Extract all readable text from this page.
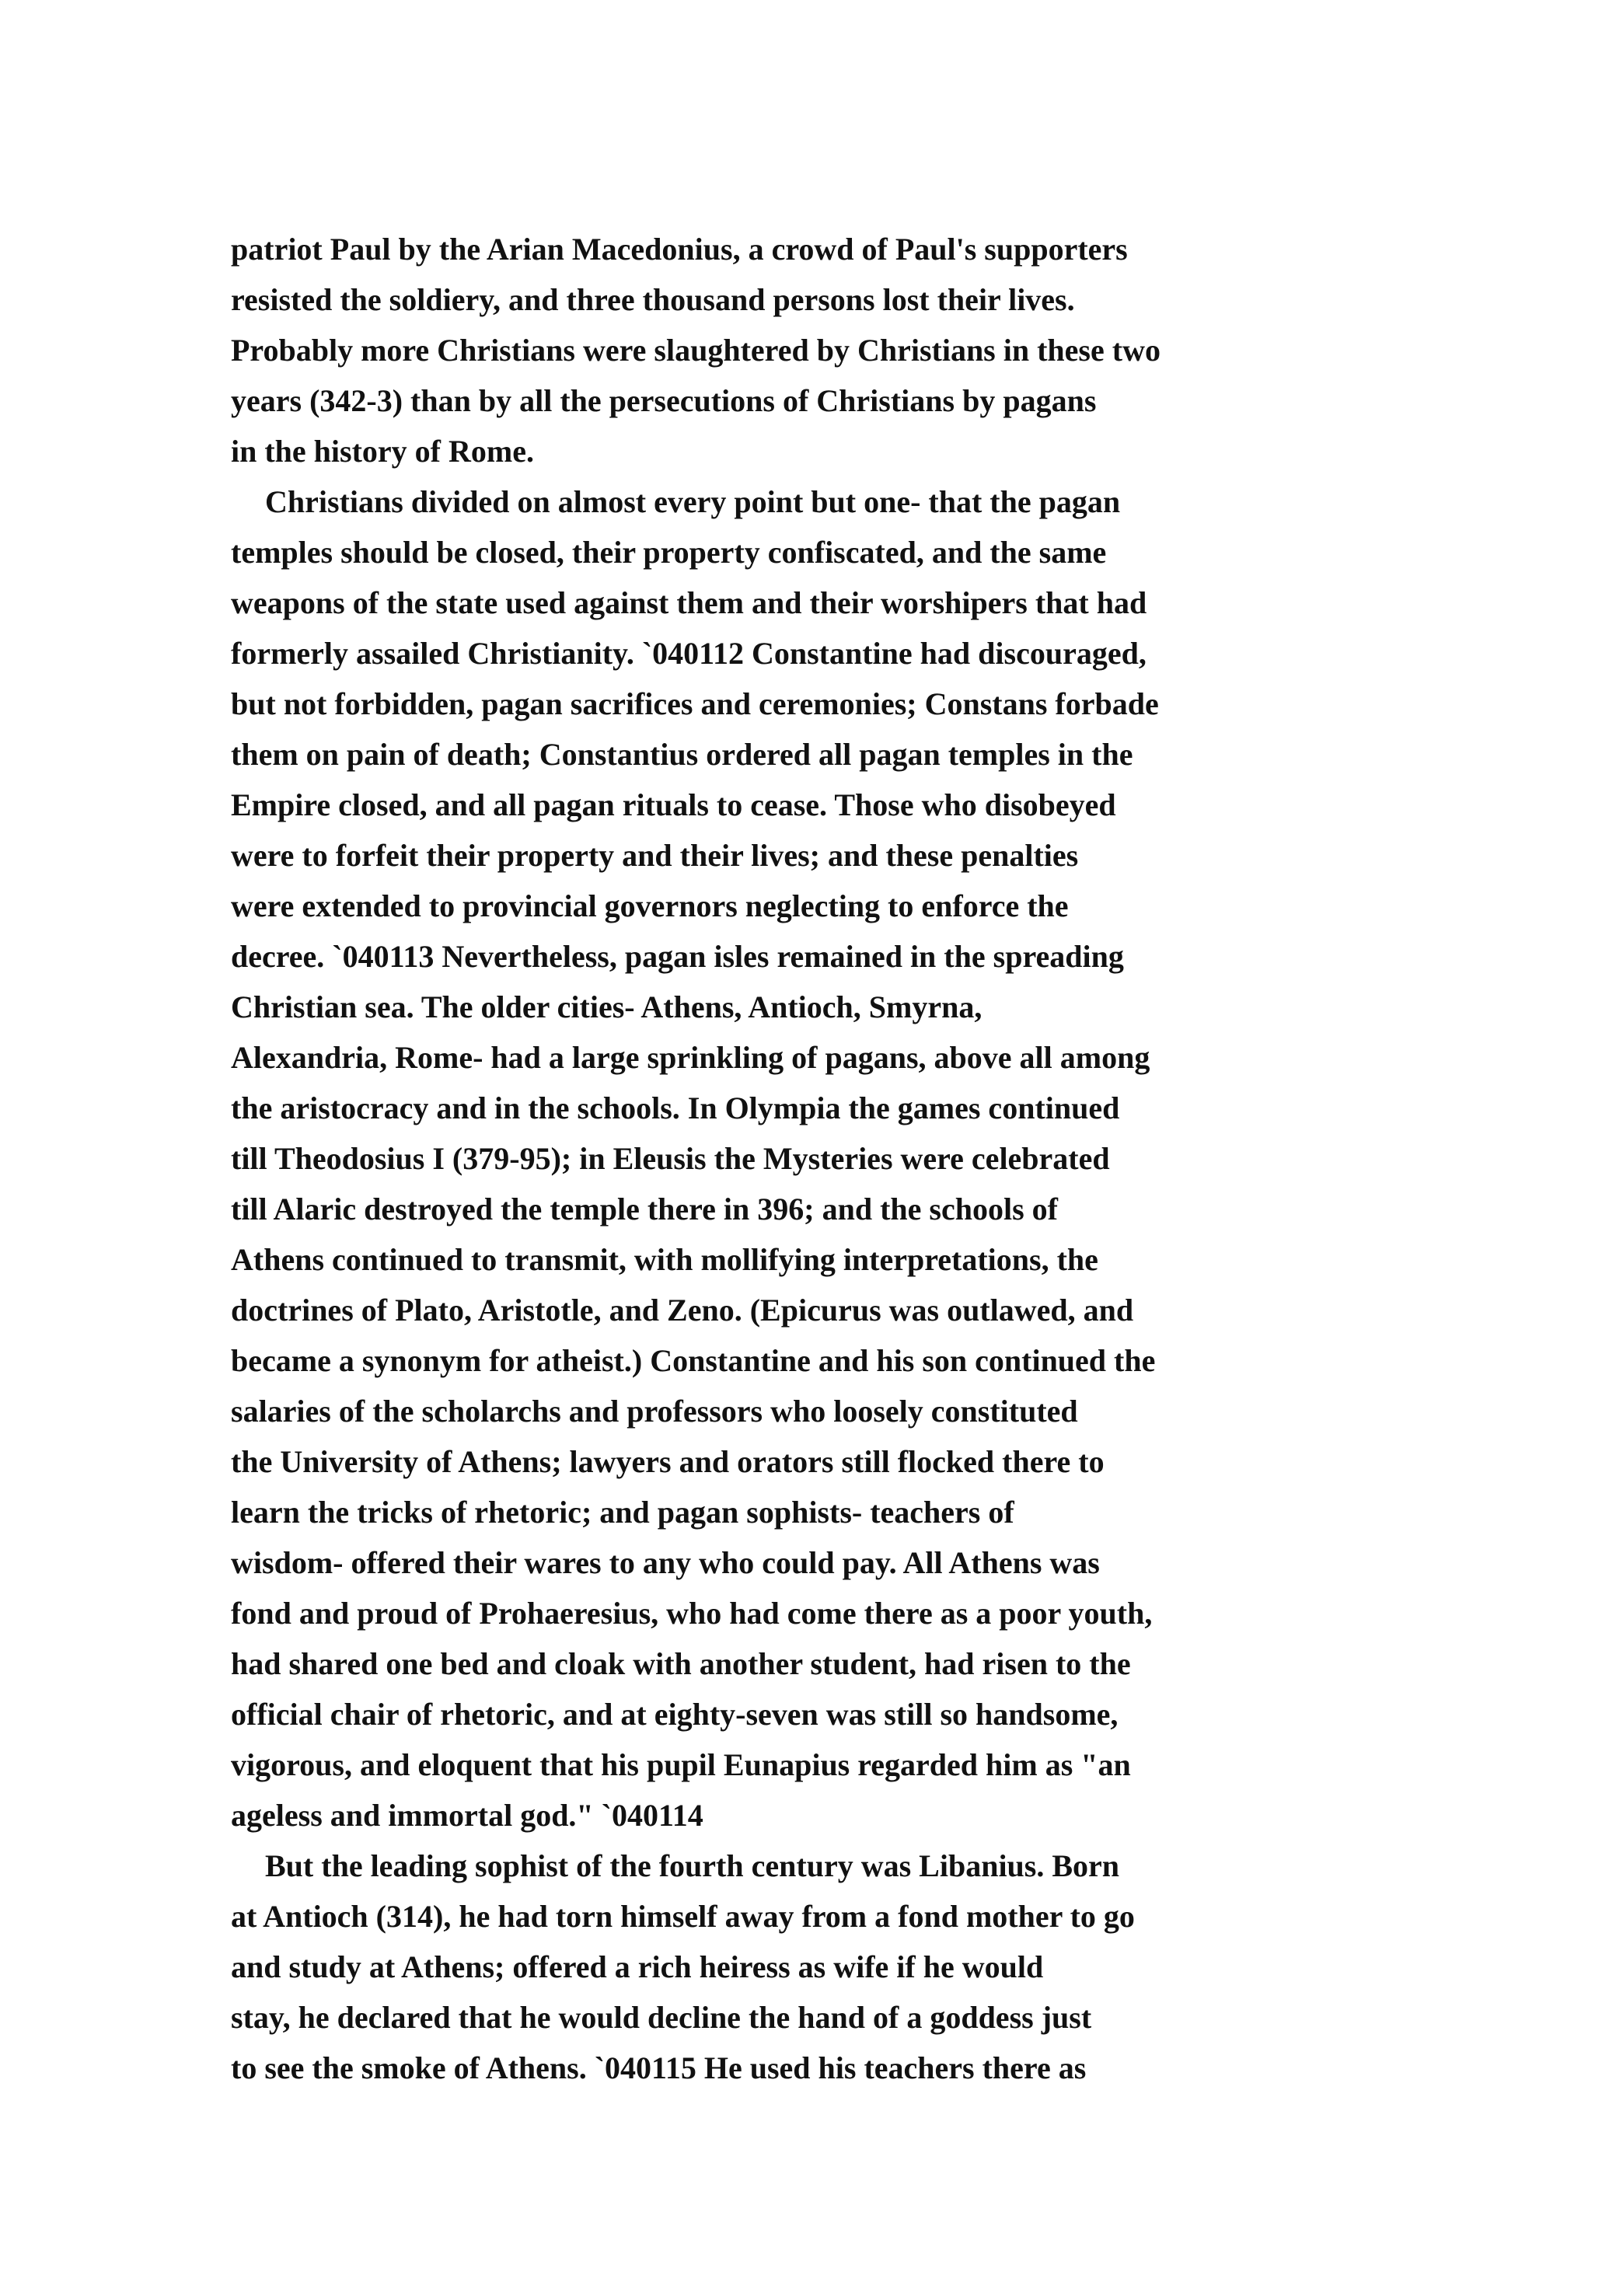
patriot Paul by the Arian Macedonius, a crowd of Paul's supporters
resisted the soldiery, and three thousand persons lost their lives.
Probably more Christians were slaughtered by Christians in these two
years (342-3) than by all the persecutions of Christians by pagans
in the history of Rome.
Christians divided on almost every point but one- that the pagan
temples should be closed, their property confiscated, and the same
weapons of the state used against them and their worshipers that had
formerly assailed Christianity. `040112 Constantine had discouraged,
but not forbidden, pagan sacrifices and ceremonies; Constans forbade
them on pain of death; Constantius ordered all pagan temples in the
Empire closed, and all pagan rituals to cease. Those who disobeyed
were to forfeit their property and their lives; and these penalties
were extended to provincial governors neglecting to enforce the
decree. `040113 Nevertheless, pagan isles remained in the spreading
Christian sea. The older cities- Athens, Antioch, Smyrna,
Alexandria, Rome- had a large sprinkling of pagans, above all among
the aristocracy and in the schools. In Olympia the games continued
till Theodosius I (379-95); in Eleusis the Mysteries were celebrated
till Alaric destroyed the temple there in 396; and the schools of
Athens continued to transmit, with mollifying interpretations, the
doctrines of Plato, Aristotle, and Zeno. (Epicurus was outlawed, and
became a synonym for atheist.) Constantine and his son continued the
salaries of the scholarchs and professors who loosely constituted
the University of Athens; lawyers and orators still flocked there to
learn the tricks of rhetoric; and pagan sophists- teachers of
wisdom- offered their wares to any who could pay. All Athens was
fond and proud of Prohaeresius, who had come there as a poor youth,
had shared one bed and cloak with another student, had risen to the
official chair of rhetoric, and at eighty-seven was still so handsome,
vigorous, and eloquent that his pupil Eunapius regarded him as "an
ageless and immortal god." `040114
But the leading sophist of the fourth century was Libanius. Born
at Antioch (314), he had torn himself away from a fond mother to go
and study at Athens; offered a rich heiress as wife if he would
stay, he declared that he would decline the hand of a goddess just
to see the smoke of Athens. `040115 He used his teachers there as
